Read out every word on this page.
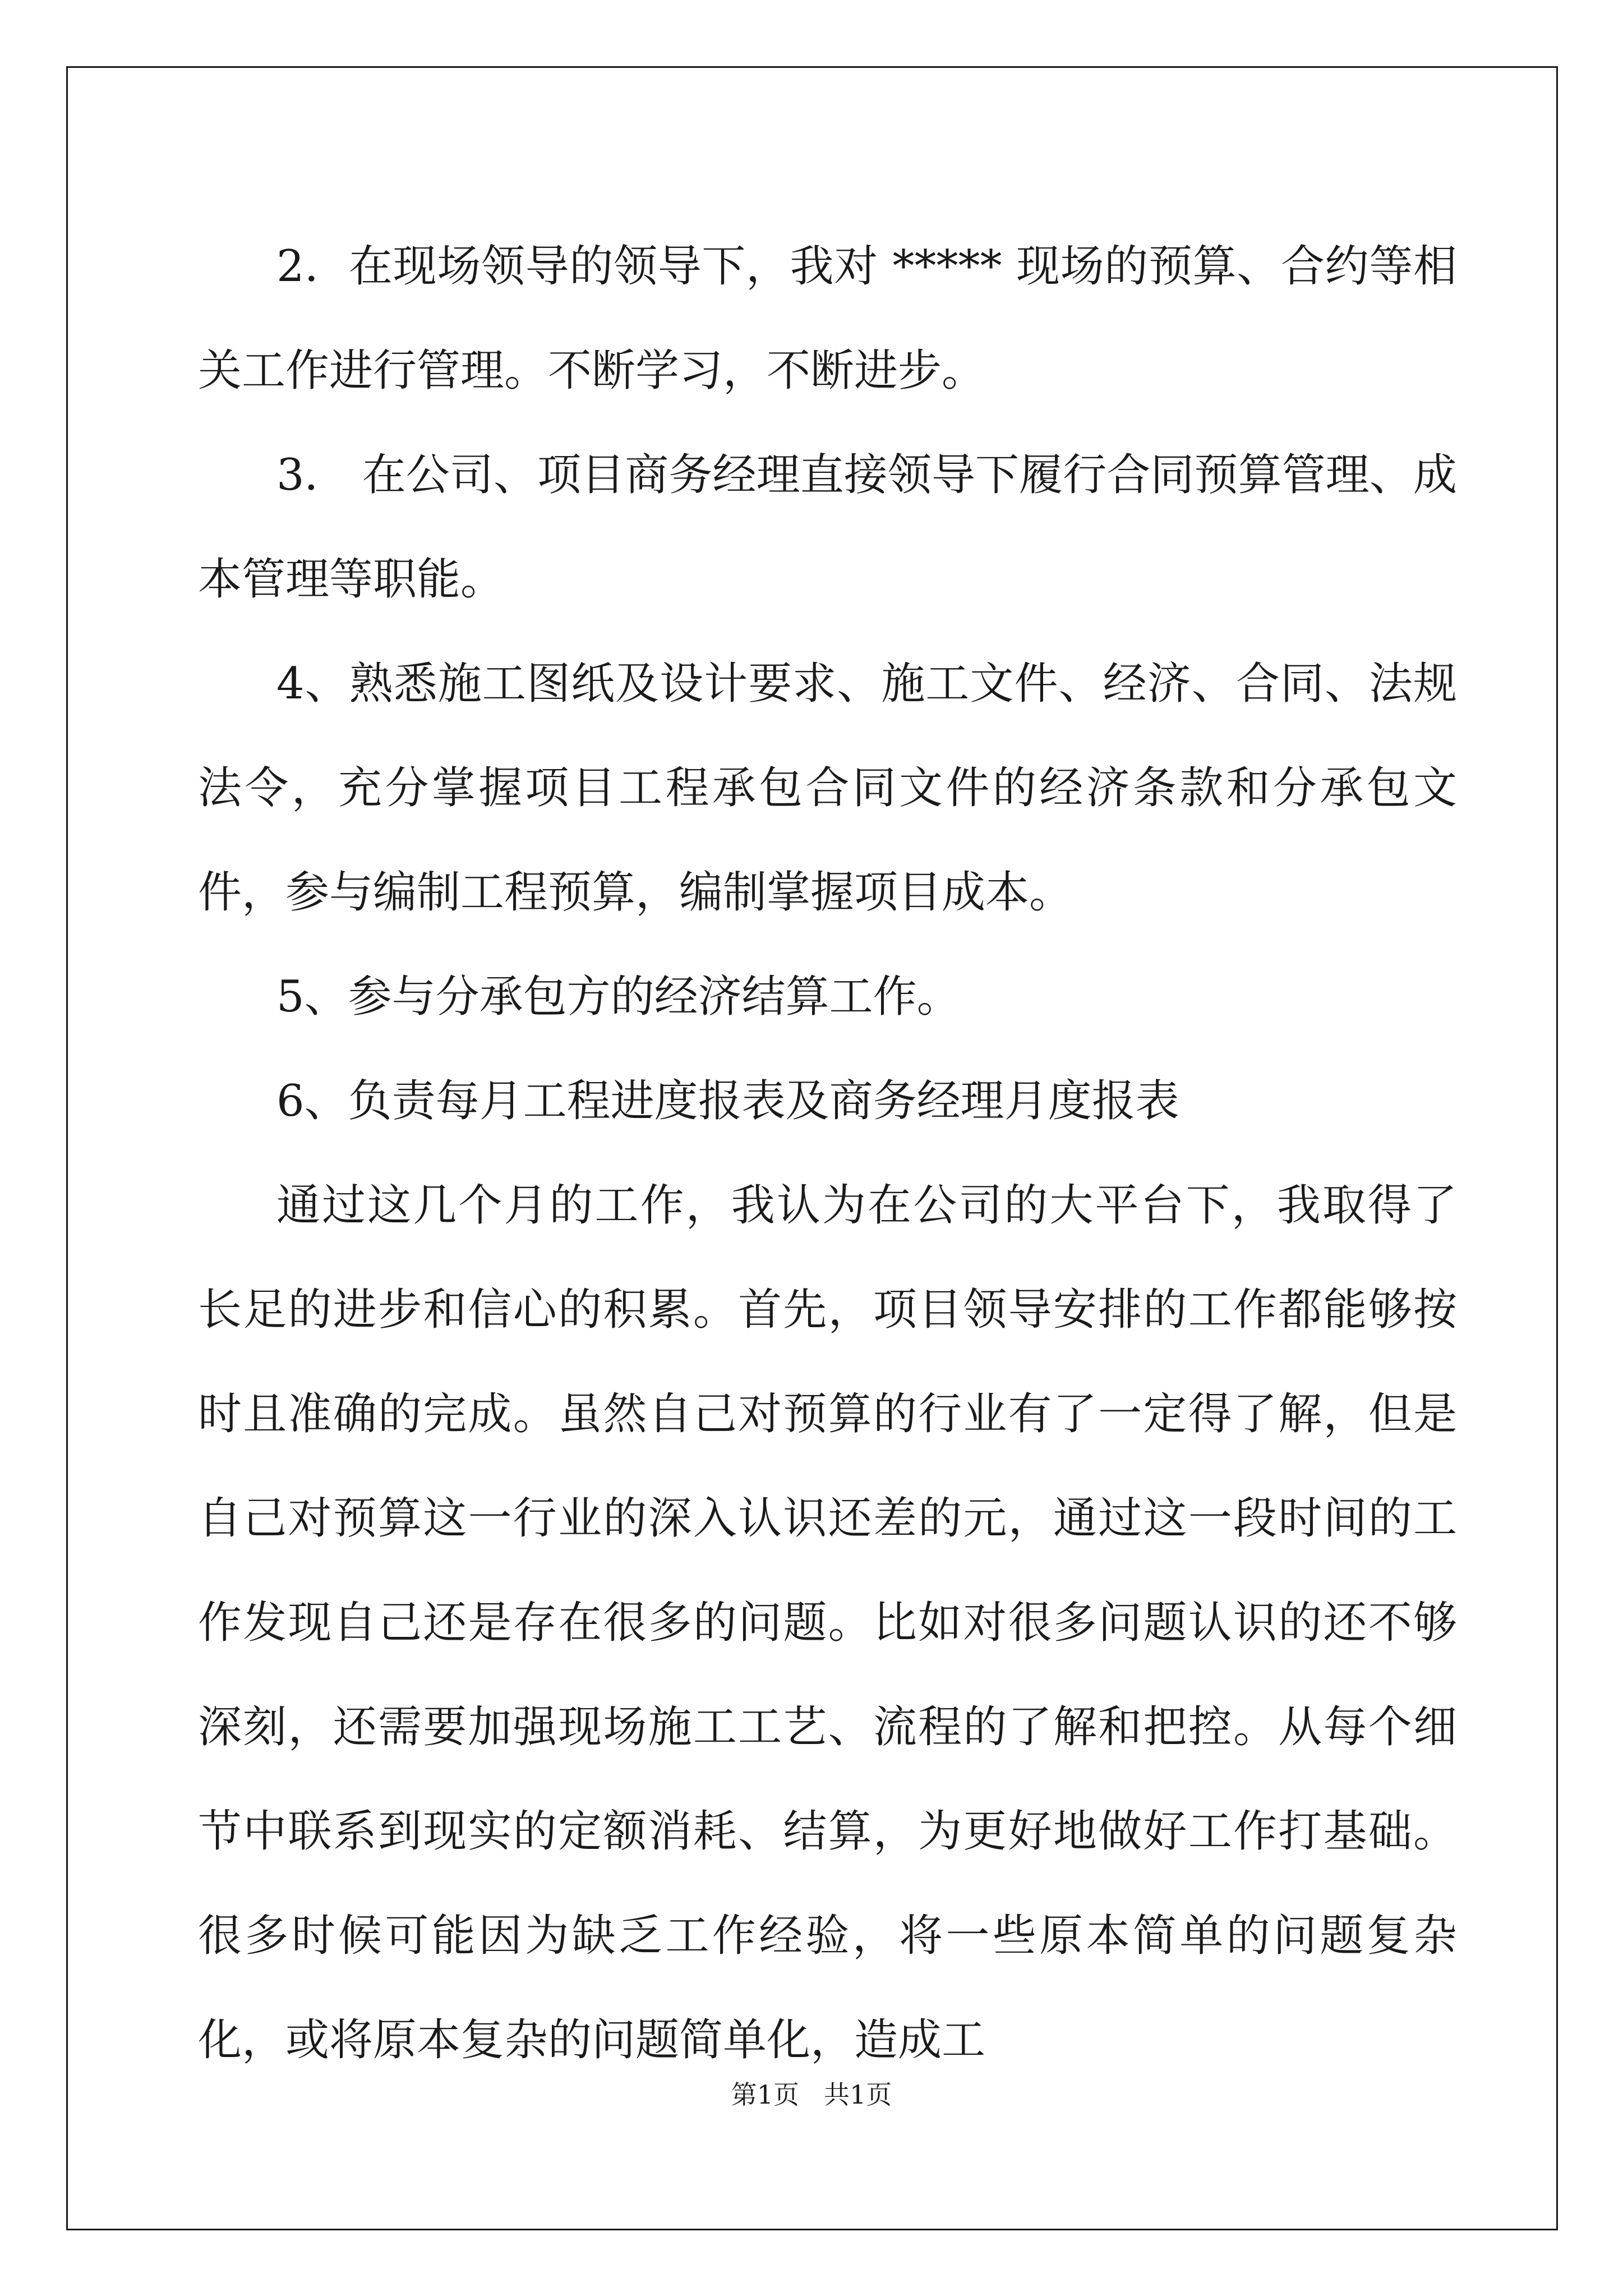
2．在现场领导的领导下，我对 ***** 现场的预算、合约等相关工作进行管理。不断学习，不断进步。

3． 在公司、项目商务经理直接领导下履行合同预算管理、成本管理等职能。

4、熟悉施工图纸及设计要求、施工文件、经济、合同、法规法令，充分掌握项目工程承包合同文件的经济条款和分承包文件，参与编制工程预算，编制掌握项目成本。

5、参与分承包方的经济结算工作。

6、负责每月工程进度报表及商务经理月度报表

通过这几个月的工作，我认为在公司的大平台下，我取得了长足的进步和信心的积累。首先，项目领导安排的工作都能够按时且准确的完成。虽然自己对预算的行业有了一定得了解，但是自己对预算这一行业的深入认识还差的元，通过这一段时间的工作发现自己还是存在很多的问题。比如对很多问题认识的还不够深刻，还需要加强现场施工工艺、流程的了解和把控。从每个细节中联系到现实的定额消耗、结算，为更好地做好工作打基础。很多时候可能因为缺乏工作经验，将一些原本简单的问题复杂化，或将原本复杂的问题简单化，造成工

第1页 共1页
